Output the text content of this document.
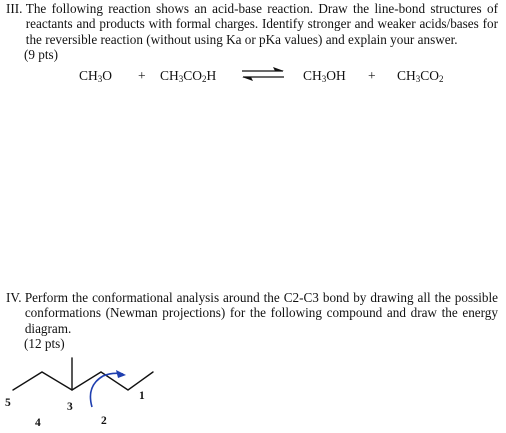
III.
The following reaction shows an acid-base reaction. Draw the line-bond structures of reactants and products with formal charges. Identify stronger and weaker acids/bases for the reversible reaction (without using Ka or pKa values) and explain your answer.
(9 pts)
$CH_3O + CH_3CO_2H$	$CH_3OH + CH_3CO_2$
IV.
Perform the conformational analysis around the C2-C3 bond by drawing all the possible conformations (Newman projections) for the following compound and draw the energy diagram.
(12 pts)
1
2
3
4
5
